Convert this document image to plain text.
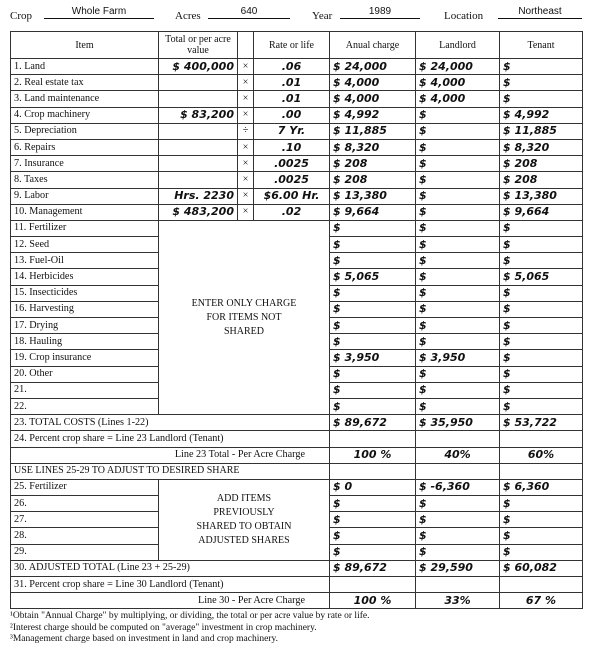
Crop	Whole Farm	Acres	640	Year	1989	Location	Northeast
Item	Total or per acre value		Rate or life	Anual charge	Landlord	Tenant
1. Land	$ 400,000	×	.06	$ 24,000	$ 24,000	$
2. Real estate tax		×	.01	$ 4,000	$ 4,000	$
3. Land maintenance		×	.01	$ 4,000	$ 4,000	$
4. Crop machinery	$ 83,200	×	.00	$ 4,992	$	$ 4,992
5. Depreciation		÷	7 Yr.	$ 11,885	$	$ 11,885
6. Repairs		×	.10	$ 8,320	$	$ 8,320
7. Insurance		×	.0025	$ 208	$	$ 208
8. Taxes		×	.0025	$ 208	$	$ 208
9. Labor	Hrs. 2230	×	$6.00 Hr.	$ 13,380	$	$ 13,380
10. Management	$ 483,200	×	.02	$ 9,664	$	$ 9,664
11. Fertilizer	ENTER ONLY CHARGE FOR ITEMS NOT SHARED			$	$	$
12. Seed				$	$	$
13. Fuel-Oil				$	$	$
14. Herbicides				$ 5,065	$	$ 5,065
15. Insecticides				$	$	$
16. Harvesting				$	$	$
17. Drying				$	$	$
18. Hauling				$	$	$
19. Crop insurance				$ 3,950	$ 3,950	$
20. Other				$	$	$
21.				$	$	$
22.				$	$	$
23. TOTAL COSTS (Lines 1-22)				$ 89,672	$ 35,950	$ 53,722
24. Percent crop share = Line 23 Landlord (Tenant)						
Line 23 Total - Per Acre Charge				100 %	40%	60%
USE LINES 25-29 TO ADJUST TO DESIRED SHARE						
25. Fertilizer	ADD ITEMS PREVIOUSLY SHARED TO OBTAIN ADJUSTED SHARES			$ 0	$ -6,360	$ 6,360
26.				$	$	$
27.				$	$	$
28.				$	$	$
29.				$	$	$
30. ADJUSTED TOTAL (Line 23 + 25-29)				$ 89,672	$ 29,590	$ 60,082
31. Percent crop share = Line 30 Landlord (Tenant)						
Line 30 - Per Acre Charge				100 %	33%	67 %
¹Obtain "Annual Charge" by multiplying, or dividing, the total or per acre value by rate or life.
²Interest charge should be computed on "average" investment in crop machinery.
³Management charge based on investment in land and crop machinery.
